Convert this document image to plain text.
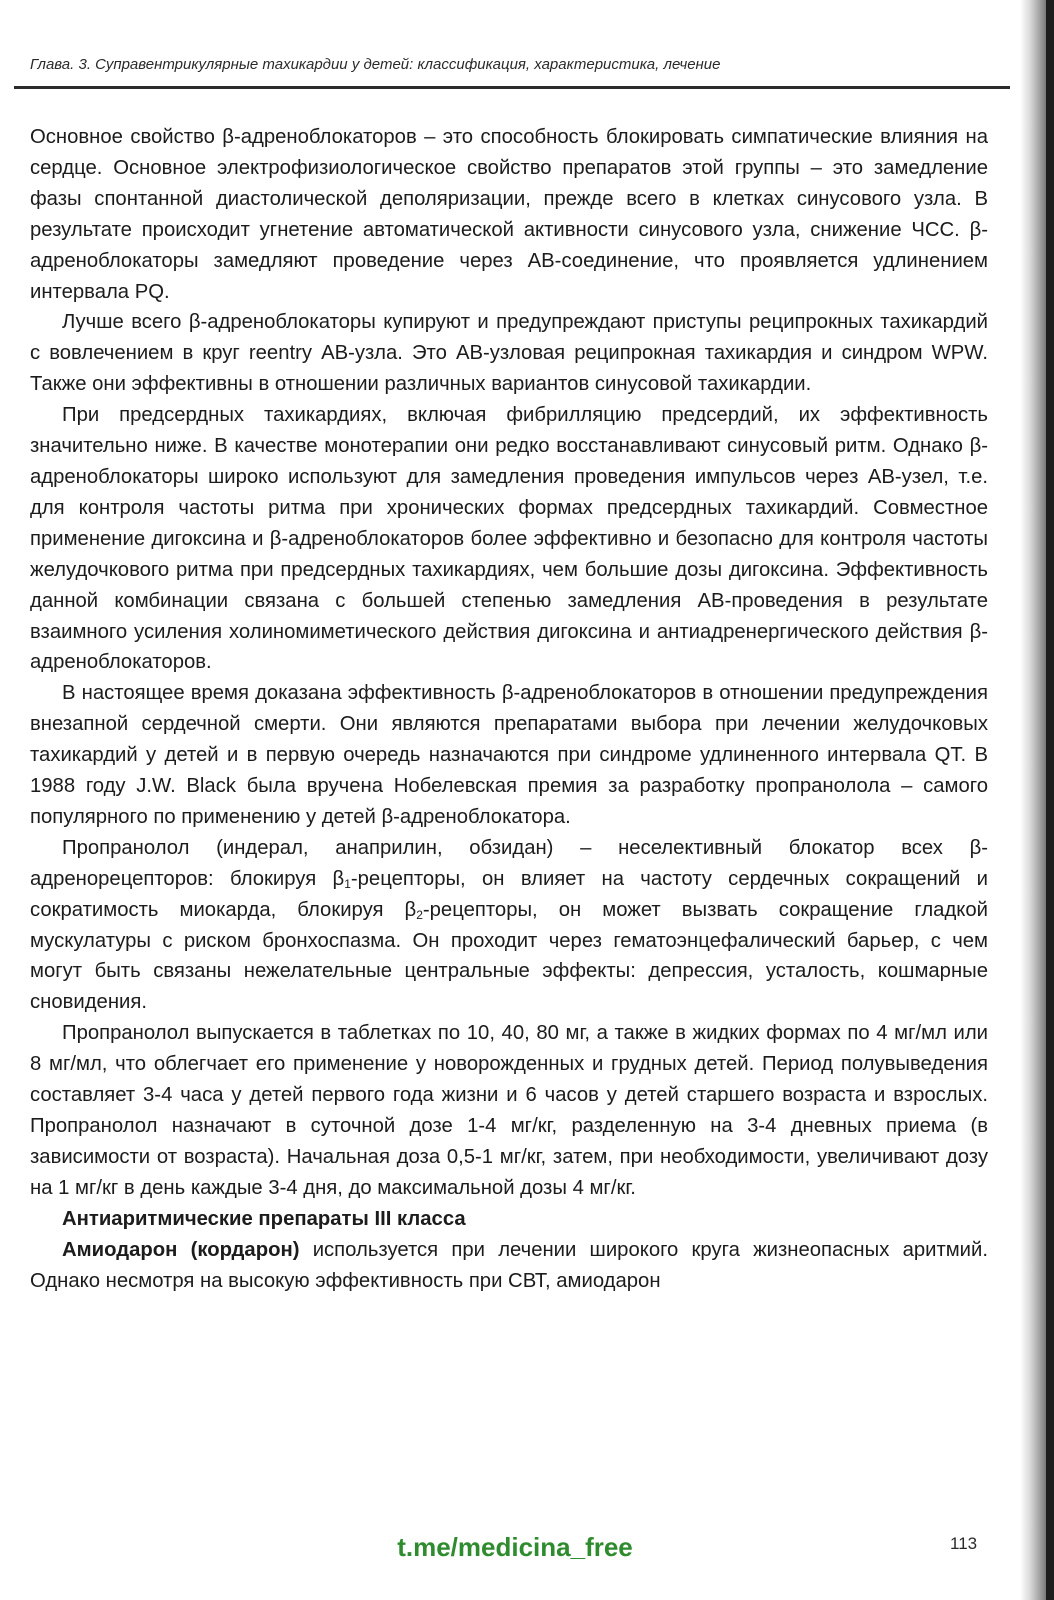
Глава. 3. Суправентрикулярные тахикардии у детей: классификация, характеристика, лечение

Основное свойство β-адреноблокаторов – это способность блокировать симпатические влияния на сердце. Основное электрофизиологическое свойство препаратов этой группы – это замедление фазы спонтанной диастолической деполяризации, прежде всего в клетках синусового узла. В результате происходит угнетение автоматической активности синусового узла, снижение ЧСС. β-адреноблокаторы замедляют проведение через АВ-соединение, что проявляется удлинением интервала PQ.

Лучше всего β-адреноблокаторы купируют и предупреждают приступы реципрокных тахикардий с вовлечением в круг reentry АВ-узла. Это АВ-узловая реципрокная тахикардия и синдром WPW. Также они эффективны в отношении различных вариантов синусовой тахикардии.

При предсердных тахикардиях, включая фибрилляцию предсердий, их эффективность значительно ниже. В качестве монотерапии они редко восстанавливают синусовый ритм. Однако β-адреноблокаторы широко используют для замедления проведения импульсов через АВ-узел, т.е. для контроля частоты ритма при хронических формах предсердных тахикардий. Совместное применение дигоксина и β-адреноблокаторов более эффективно и безопасно для контроля частоты желудочкового ритма при предсердных тахикардиях, чем большие дозы дигоксина. Эффективность данной комбинации связана с большей степенью замедления АВ-проведения в результате взаимного усиления холиномиметического действия дигоксина и антиадренергического действия β-адреноблокаторов.

В настоящее время доказана эффективность β-адреноблокаторов в отношении предупреждения внезапной сердечной смерти. Они являются препаратами выбора при лечении желудочковых тахикардий у детей и в первую очередь назначаются при синдроме удлиненного интервала QT. В 1988 году J.W. Black была вручена Нобелевская премия за разработку пропранолола – самого популярного по применению у детей β-адреноблокатора.

Пропранолол (индерал, анаприлин, обзидан) – неселективный блокатор всех β-адренорецепторов: блокируя $\beta_1$-рецепторы, он влияет на частоту сердечных сокращений и сократимость миокарда, блокируя $\beta_2$-рецепторы, он может вызвать сокращение гладкой мускулатуры с риском бронхоспазма. Он проходит через гематоэнцефалический барьер, с чем могут быть связаны нежелательные центральные эффекты: депрессия, усталость, кошмарные сновидения.

Пропранолол выпускается в таблетках по 10, 40, 80 мг, а также в жидких формах по 4 мг/мл или 8 мг/мл, что облегчает его применение у новорожденных и грудных детей. Период полувыведения составляет 3-4 часа у детей первого года жизни и 6 часов у детей старшего возраста и взрослых. Пропранолол назначают в суточной дозе 1-4 мг/кг, разделенную на 3-4 дневных приема (в зависимости от возраста). Начальная доза 0,5-1 мг/кг, затем, при необходимости, увеличивают дозу на 1 мг/кг в день каждые 3-4 дня, до максимальной дозы 4 мг/кг.

Антиаритмические препараты III класса

Амиодарон (кордарон) используется при лечении широкого круга жизнеопасных аритмий. Однако несмотря на высокую эффективность при СВТ, амиодарон

t.me/medicina_free	113
